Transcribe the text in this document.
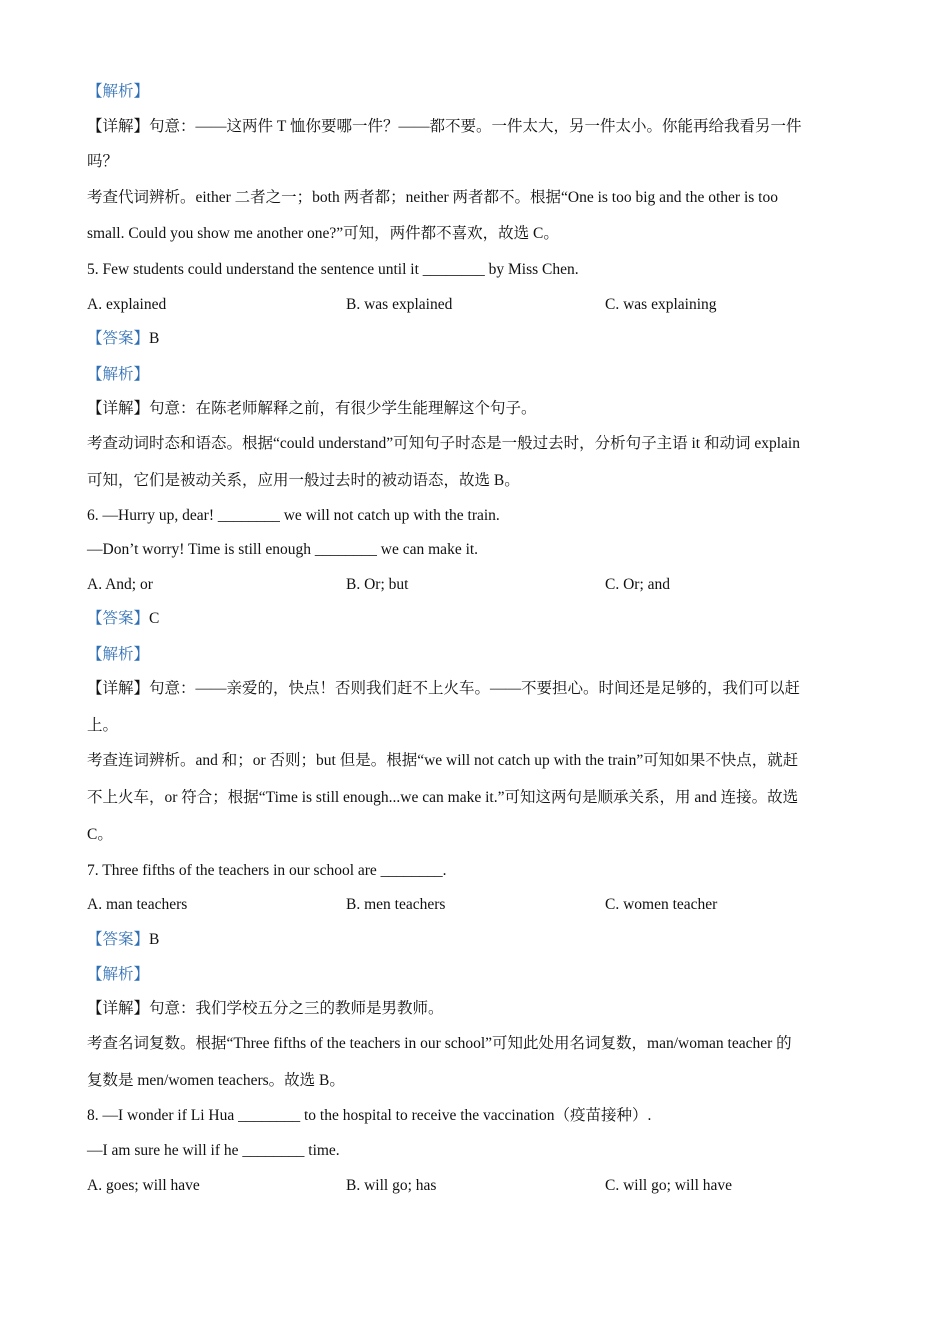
【解析】
【详解】句意：——这两件 T 恤你要哪一件？——都不要。一件太大，另一件太小。你能再给我看另一件
吗？
考查代词辨析。either 二者之一；both 两者都；neither 两者都不。根据“One is too big and the other is too
small. Could you show me another one?”可知，两件都不喜欢，故选 C。
5. Few students could understand the sentence until it ________ by Miss Chen.
A. explained	B. was explained	C. was explaining
【答案】B
【解析】
【详解】句意：在陈老师解释之前，有很少学生能理解这个句子。
考查动词时态和语态。根据“could understand”可知句子时态是一般过去时，分析句子主语 it 和动词 explain
可知，它们是被动关系，应用一般过去时的被动语态，故选 B。
6. —Hurry up, dear! ________ we will not catch up with the train.
—Don’t worry! Time is still enough ________ we can make it.
A. And; or	B. Or; but	C. Or; and
【答案】C
【解析】
【详解】句意：——亲爱的，快点！否则我们赶不上火车。——不要担心。时间还是足够的，我们可以赶
上。
考查连词辨析。and 和；or 否则；but 但是。根据“we will not catch up with the train”可知如果不快点，就赶
不上火车，or 符合；根据“Time is still enough...we can make it.”可知这两句是顺承关系，用 and 连接。故选
C。
7. Three fifths of the teachers in our school are ________.
A. man teachers	B. men teachers	C. women teacher
【答案】B
【解析】
【详解】句意：我们学校五分之三的教师是男教师。
考查名词复数。根据“Three fifths of the teachers in our school”可知此处用名词复数，man/woman teacher 的
复数是 men/women teachers。故选 B。
8. —I wonder if Li Hua ________ to the hospital to receive the vaccination（疫苗接种）.
—I am sure he will if he ________ time.
A. goes; will have	B. will go; has	C. will go; will have
